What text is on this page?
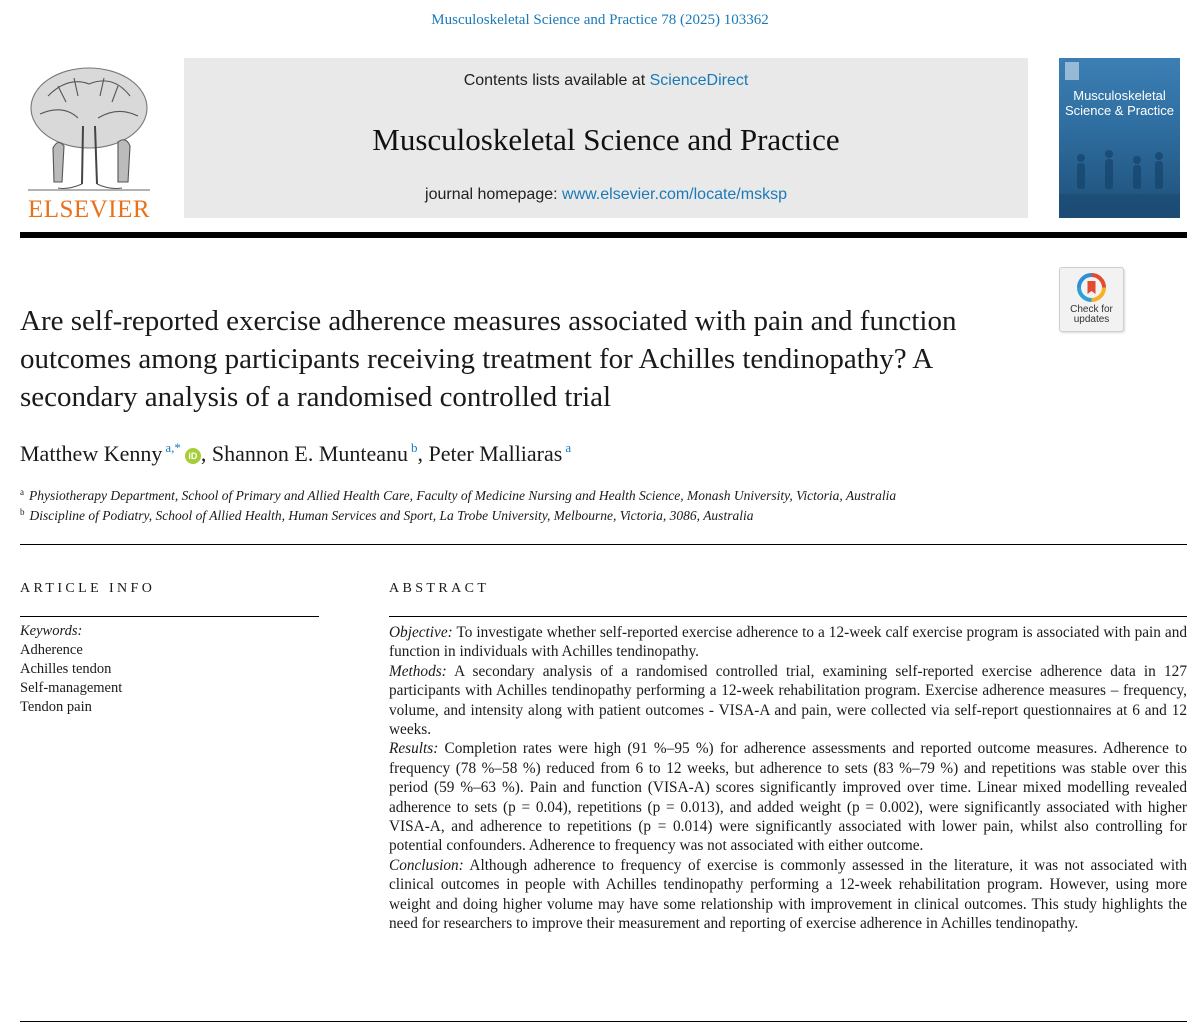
Musculoskeletal Science and Practice 78 (2025) 103362
ELSEVIER
Contents lists available at ScienceDirect
Musculoskeletal Science and Practice
journal homepage: www.elsevier.com/locate/msksp
Musculoskeletal Science & Practice
Check for
updates
Are self-reported exercise adherence measures associated with pain and function outcomes among participants receiving treatment for Achilles tendinopathy? A secondary analysis of a randomised controlled trial
Matthew Kenny $^{a,*}$iD , Shannon E. Munteanu $^b$, Peter Malliaras $^a$
$^a$ Physiotherapy Department, School of Primary and Allied Health Care, Faculty of Medicine Nursing and Health Science, Monash University, Victoria, Australia
$^b$ Discipline of Podiatry, School of Allied Health, Human Services and Sport, La Trobe University, Melbourne, Victoria, 3086, Australia
ARTICLE INFO
Keywords:
Adherence
Achilles tendon
Self-management
Tendon pain
ABSTRACT

Objective: To investigate whether self-reported exercise adherence to a 12-week calf exercise program is associated with pain and function in individuals with Achilles tendinopathy.

Methods: A secondary analysis of a randomised controlled trial, examining self-reported exercise adherence data in 127 participants with Achilles tendinopathy performing a 12-week rehabilitation program. Exercise adherence measures – frequency, volume, and intensity along with patient outcomes - VISA-A and pain, were collected via self-report questionnaires at 6 and 12 weeks.

Results: Completion rates were high (91 %–95 %) for adherence assessments and reported outcome measures. Adherence to frequency (78 %–58 %) reduced from 6 to 12 weeks, but adherence to sets (83 %–79 %) and repetitions was stable over this period (59 %–63 %). Pain and function (VISA-A) scores significantly improved over time. Linear mixed modelling revealed adherence to sets (p = 0.04), repetitions (p = 0.013), and added weight (p = 0.002), were significantly associated with higher VISA-A, and adherence to repetitions (p = 0.014) were significantly associated with lower pain, whilst also controlling for potential confounders. Adherence to frequency was not associated with either outcome.

Conclusion: Although adherence to frequency of exercise is commonly assessed in the literature, it was not associated with clinical outcomes in people with Achilles tendinopathy performing a 12-week rehabilitation program. However, using more weight and doing higher volume may have some relationship with improvement in clinical outcomes. This study highlights the need for researchers to improve their measurement and reporting of exercise adherence in Achilles tendinopathy.
